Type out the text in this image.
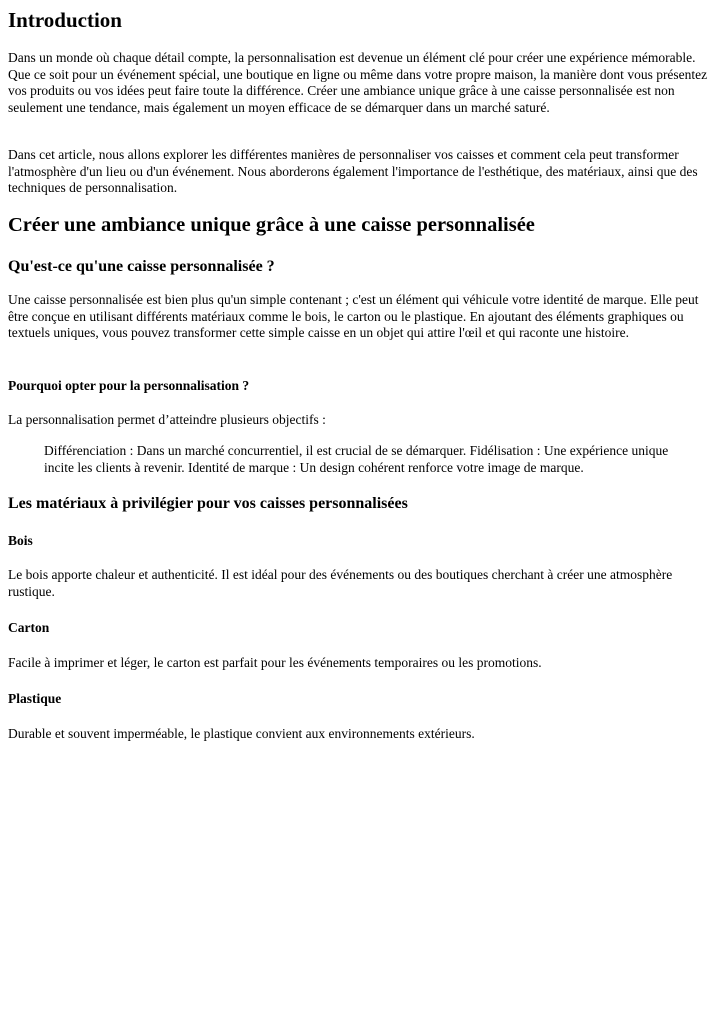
Introduction

Dans un monde où chaque détail compte, la personnalisation est devenue un élément clé pour créer une expérience mémorable. Que ce soit pour un événement spécial, une boutique en ligne ou même dans votre propre maison, la manière dont vous présentez vos produits ou vos idées peut faire toute la différence. Créer une ambiance unique grâce à une caisse personnalisée est non seulement une tendance, mais également un moyen efficace de se démarquer dans un marché saturé.

Dans cet article, nous allons explorer les différentes manières de personnaliser vos caisses et comment cela peut transformer l'atmosphère d'un lieu ou d'un événement. Nous aborderons également l'importance de l'esthétique, des matériaux, ainsi que des techniques de personnalisation.

Créer une ambiance unique grâce à une caisse personnalisée
Qu'est-ce qu'une caisse personnalisée ?

Une caisse personnalisée est bien plus qu'un simple contenant ; c'est un élément qui véhicule votre identité de marque. Elle peut être conçue en utilisant différents matériaux comme le bois, le carton ou le plastique. En ajoutant des éléments graphiques ou textuels uniques, vous pouvez transformer cette simple caisse en un objet qui attire l'œil et qui raconte une histoire.

Pourquoi opter pour la personnalisation ?

La personnalisation permet d’atteindre plusieurs objectifs :

Différenciation : Dans un marché concurrentiel, il est crucial de se démarquer. Fidélisation : Une expérience unique incite les clients à revenir. Identité de marque : Un design cohérent renforce votre image de marque.
Les matériaux à privilégier pour vos caisses personnalisées
Bois

Le bois apporte chaleur et authenticité. Il est idéal pour des événements ou des boutiques cherchant à créer une atmosphère rustique.

Carton

Facile à imprimer et léger, le carton est parfait pour les événements temporaires ou les promotions.

Plastique

Durable et souvent imperméable, le plastique convient aux environnements extérieurs.
